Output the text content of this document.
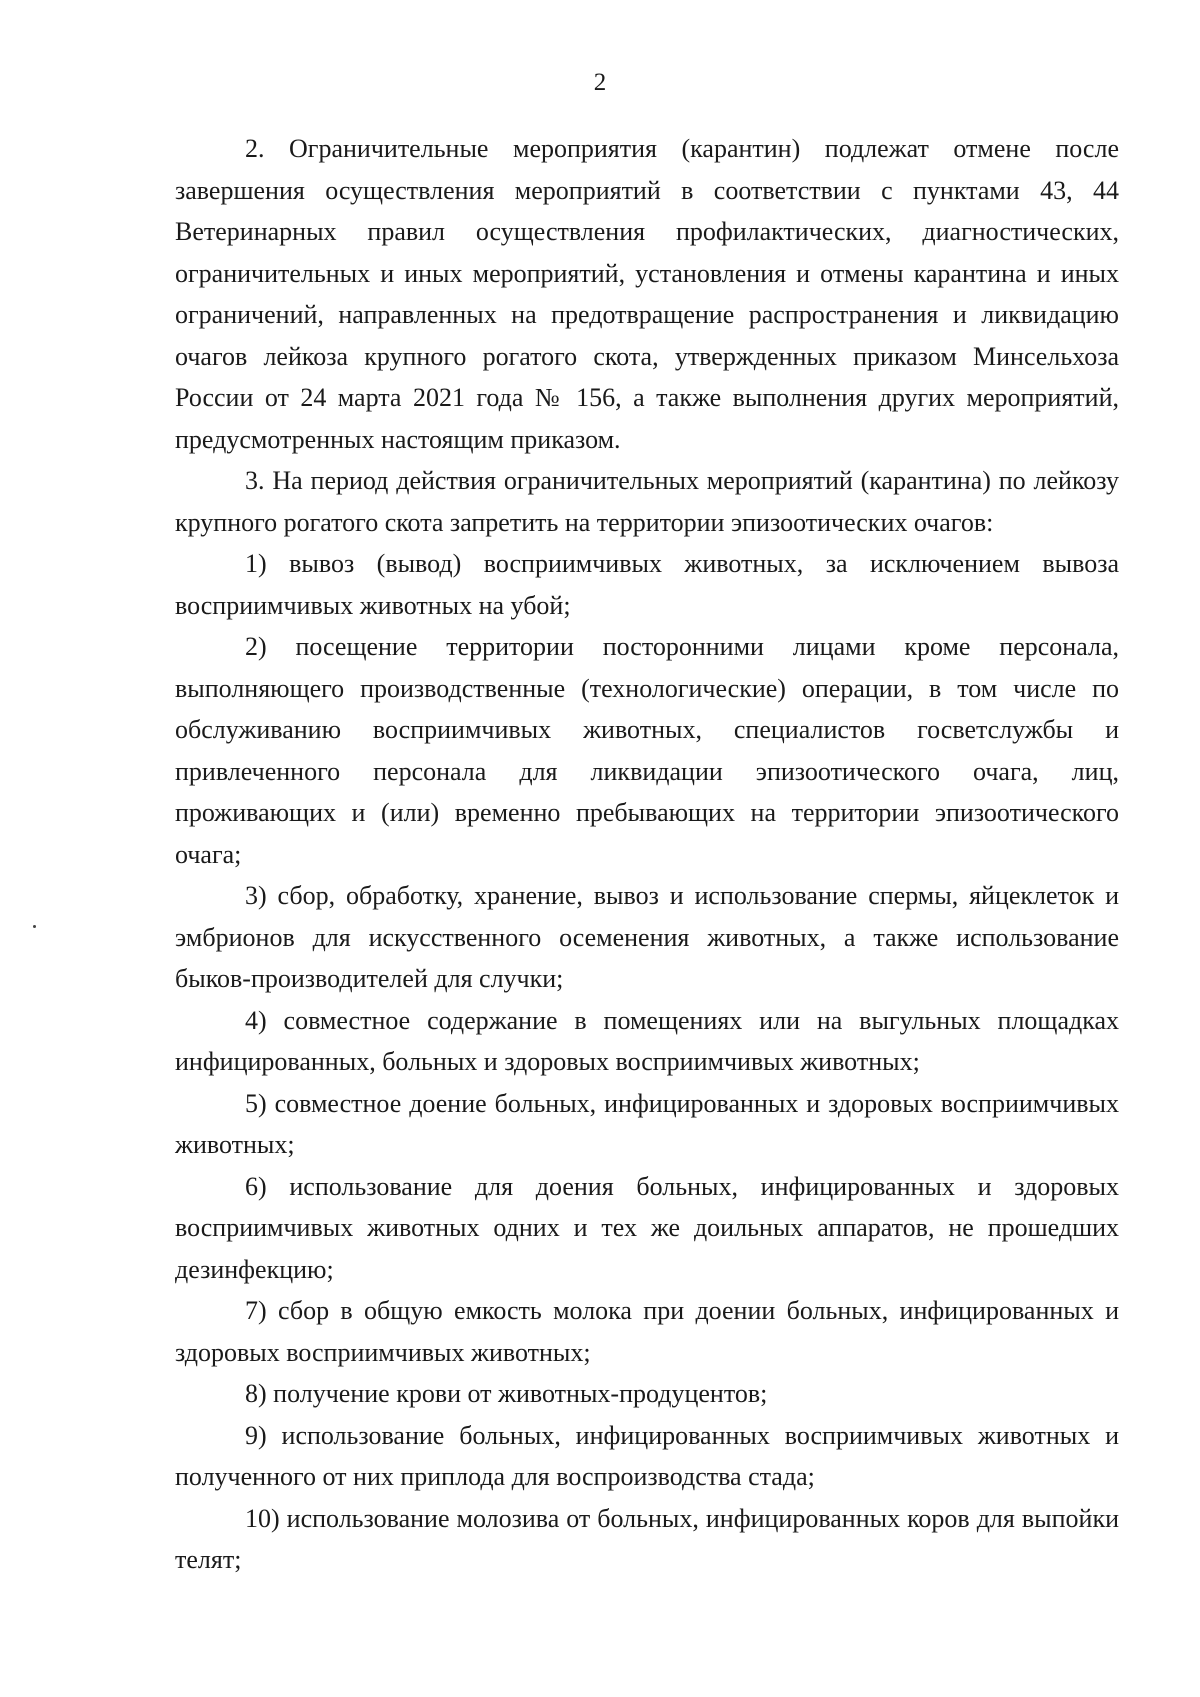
2

2. Ограничительные мероприятия (карантин) подлежат отмене после завершения осуществления мероприятий в соответствии с пунктами 43, 44 Ветеринарных правил осуществления профилактических, диагностических, ограничительных и иных мероприятий, установления и отмены карантина и иных ограничений, направленных на предотвращение распространения и ликвидацию очагов лейкоза крупного рогатого скота, утвержденных приказом Минсельхоза России от 24 марта 2021 года № 156, а также выполнения других мероприятий, предусмотренных настоящим приказом.

3. На период действия ограничительных мероприятий (карантина) по лейкозу крупного рогатого скота запретить на территории эпизоотических очагов:

1) вывоз (вывод) восприимчивых животных, за исключением вывоза восприимчивых животных на убой;

2) посещение территории посторонними лицами кроме персонала, выполняющего производственные (технологические) операции, в том числе по обслуживанию восприимчивых животных, специалистов госветслужбы и привлеченного персонала для ликвидации эпизоотического очага, лиц, проживающих и (или) временно пребывающих на территории эпизоотического очага;

3) сбор, обработку, хранение, вывоз и использование спермы, яйцеклеток и эмбрионов для искусственного осеменения животных, а также использование быков-производителей для случки;

4) совместное содержание в помещениях или на выгульных площадках инфицированных, больных и здоровых восприимчивых животных;

5) совместное доение больных, инфицированных и здоровых восприимчивых животных;

6) использование для доения больных, инфицированных и здоровых восприимчивых животных одних и тех же доильных аппаратов, не прошедших дезинфекцию;

7) сбор в общую емкость молока при доении больных, инфицированных и здоровых восприимчивых животных;

8) получение крови от животных-продуцентов;

9) использование больных, инфицированных восприимчивых животных и полученного от них приплода для воспроизводства стада;

10) использование молозива от больных, инфицированных коров для выпойки телят;
